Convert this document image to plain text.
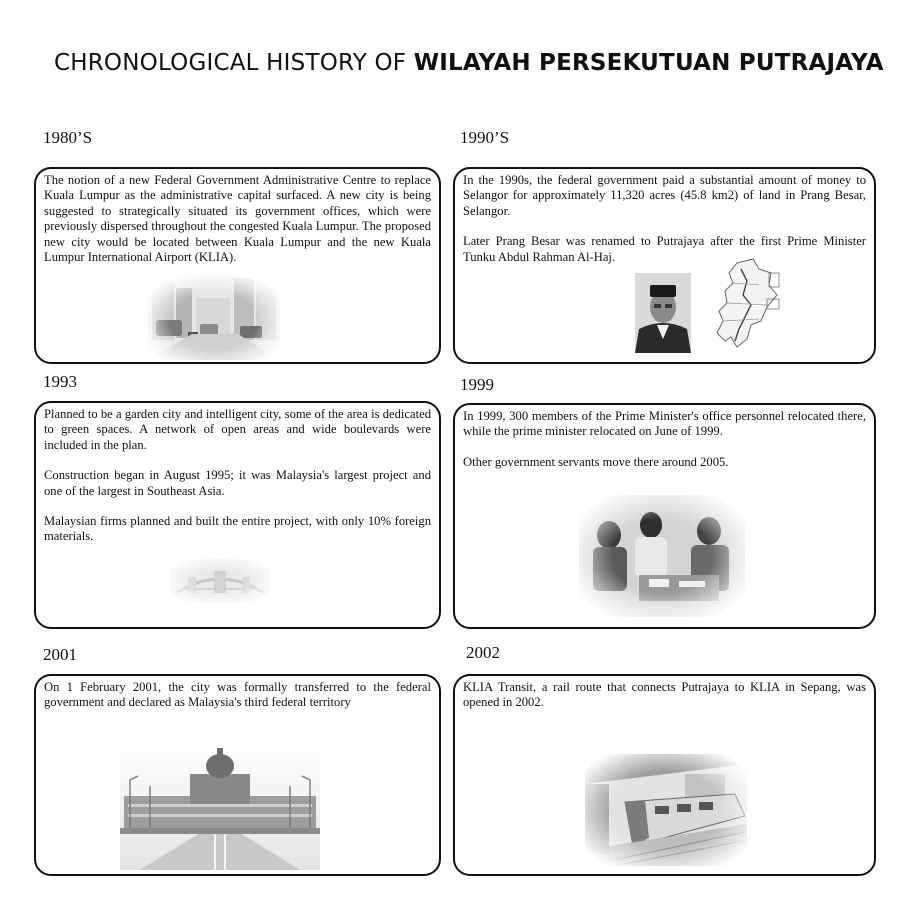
CHRONOLOGICAL HISTORY OF WILAYAH PERSEKUTUAN PUTRAJAYA
1980’S

The notion of a new Federal Government Administrative Centre to replace Kuala Lumpur as the administrative capital surfaced. A new city is being suggested to strategically situated its government offices, which were previously dispersed throughout the congested Kuala Lumpur. The proposed new city would be located between Kuala Lumpur and the new Kuala Lumpur International Airport (KLIA).

1990’S

In the 1990s, the federal government paid a substantial amount of money to Selangor for approximately 11,320 acres (45.8 km2) of land in Prang Besar, Selangor.

Later Prang Besar was renamed to Putrajaya after the first Prime Minister Tunku Abdul Rahman Al-Haj.

1993

Planned to be a garden city and intelligent city, some of the area is dedicated to green spaces. A network of open areas and wide boulevards were included in the plan.

Construction began in August 1995; it was Malaysia's largest project and one of the largest in Southeast Asia.

Malaysian firms planned and built the entire project, with only 10% foreign materials.

1999

In 1999, 300 members of the Prime Minister's office personnel relocated there, while the prime minister relocated on June of 1999.

Other government servants move there around 2005.

2001

On 1 February 2001, the city was formally transferred to the federal government and declared as Malaysia's third federal territory

2002

KLIA Transit, a rail route that connects Putrajaya to KLIA in Sepang, was opened in 2002.
